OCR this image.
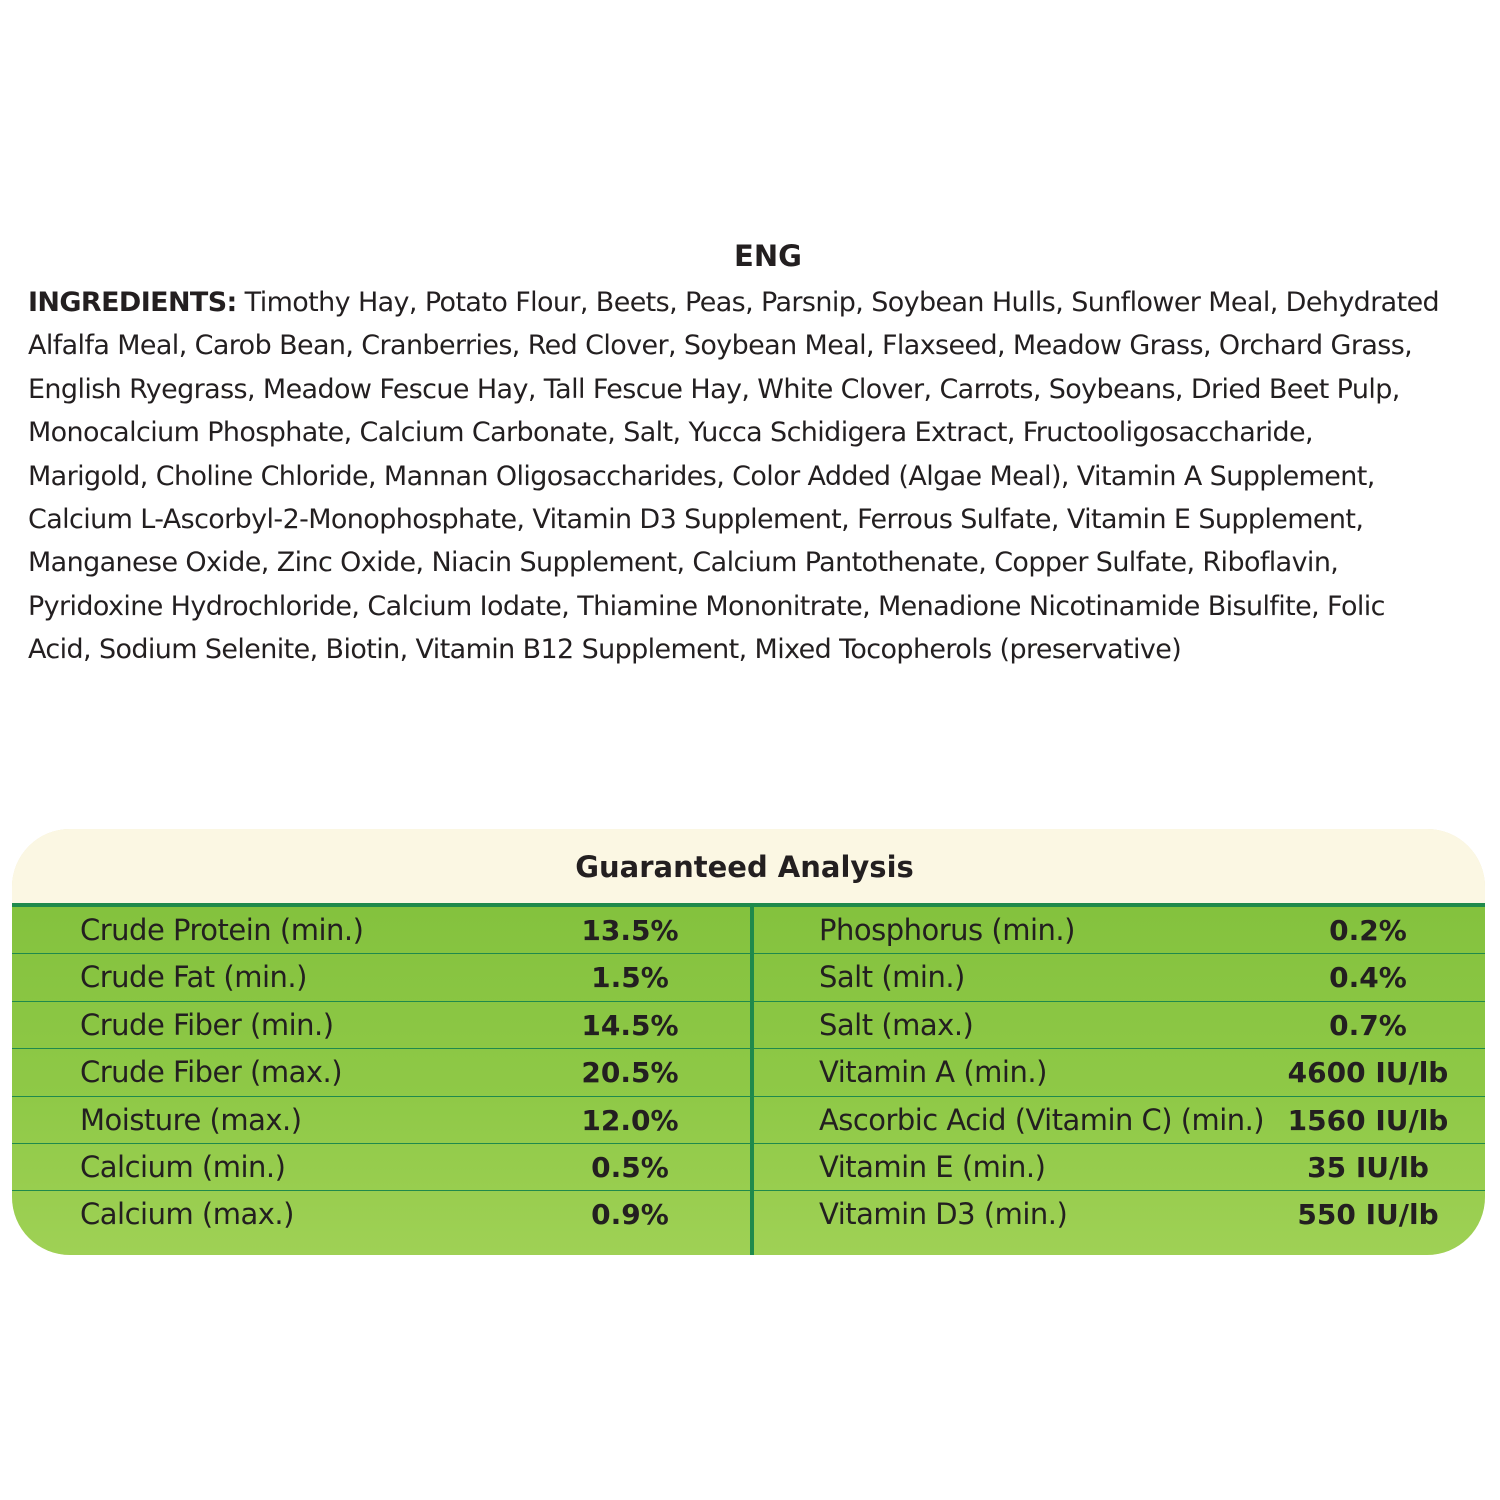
ENG
INGREDIENTS: Timothy Hay, Potato Flour, Beets, Peas, Parsnip, Soybean Hulls, Sunflower Meal, Dehydrated
Alfalfa Meal, Carob Bean, Cranberries, Red Clover, Soybean Meal, Flaxseed, Meadow Grass, Orchard Grass,
English Ryegrass, Meadow Fescue Hay, Tall Fescue Hay, White Clover, Carrots, Soybeans, Dried Beet Pulp,
Monocalcium Phosphate, Calcium Carbonate, Salt, Yucca Schidigera Extract, Fructooligosaccharide,
Marigold, Choline Chloride, Mannan Oligosaccharides, Color Added (Algae Meal), Vitamin A Supplement,
Calcium L-Ascorbyl-2-Monophosphate, Vitamin D3 Supplement, Ferrous Sulfate, Vitamin E Supplement,
Manganese Oxide, Zinc Oxide, Niacin Supplement, Calcium Pantothenate, Copper Sulfate, Riboflavin,
Pyridoxine Hydrochloride, Calcium Iodate, Thiamine Mononitrate, Menadione Nicotinamide Bisulfite, Folic
Acid, Sodium Selenite, Biotin, Vitamin B12 Supplement, Mixed Tocopherols (preservative)
Guaranteed Analysis
Crude Protein (min.)	13.5%	Phosphorus (min.)	0.2%
Crude Fat (min.)	1.5%	Salt (min.)	0.4%
Crude Fiber (min.)	14.5%	Salt (max.)	0.7%
Crude Fiber (max.)	20.5%	Vitamin A (min.)	4600 IU/lb
Moisture (max.)	12.0%	Ascorbic Acid (Vitamin C) (min.) 1560 IU/lb
Calcium (min.)	0.5%	Vitamin E (min.)	35 IU/lb
Calcium (max.)	0.9%	Vitamin D3 (min.)	550 IU/lb
